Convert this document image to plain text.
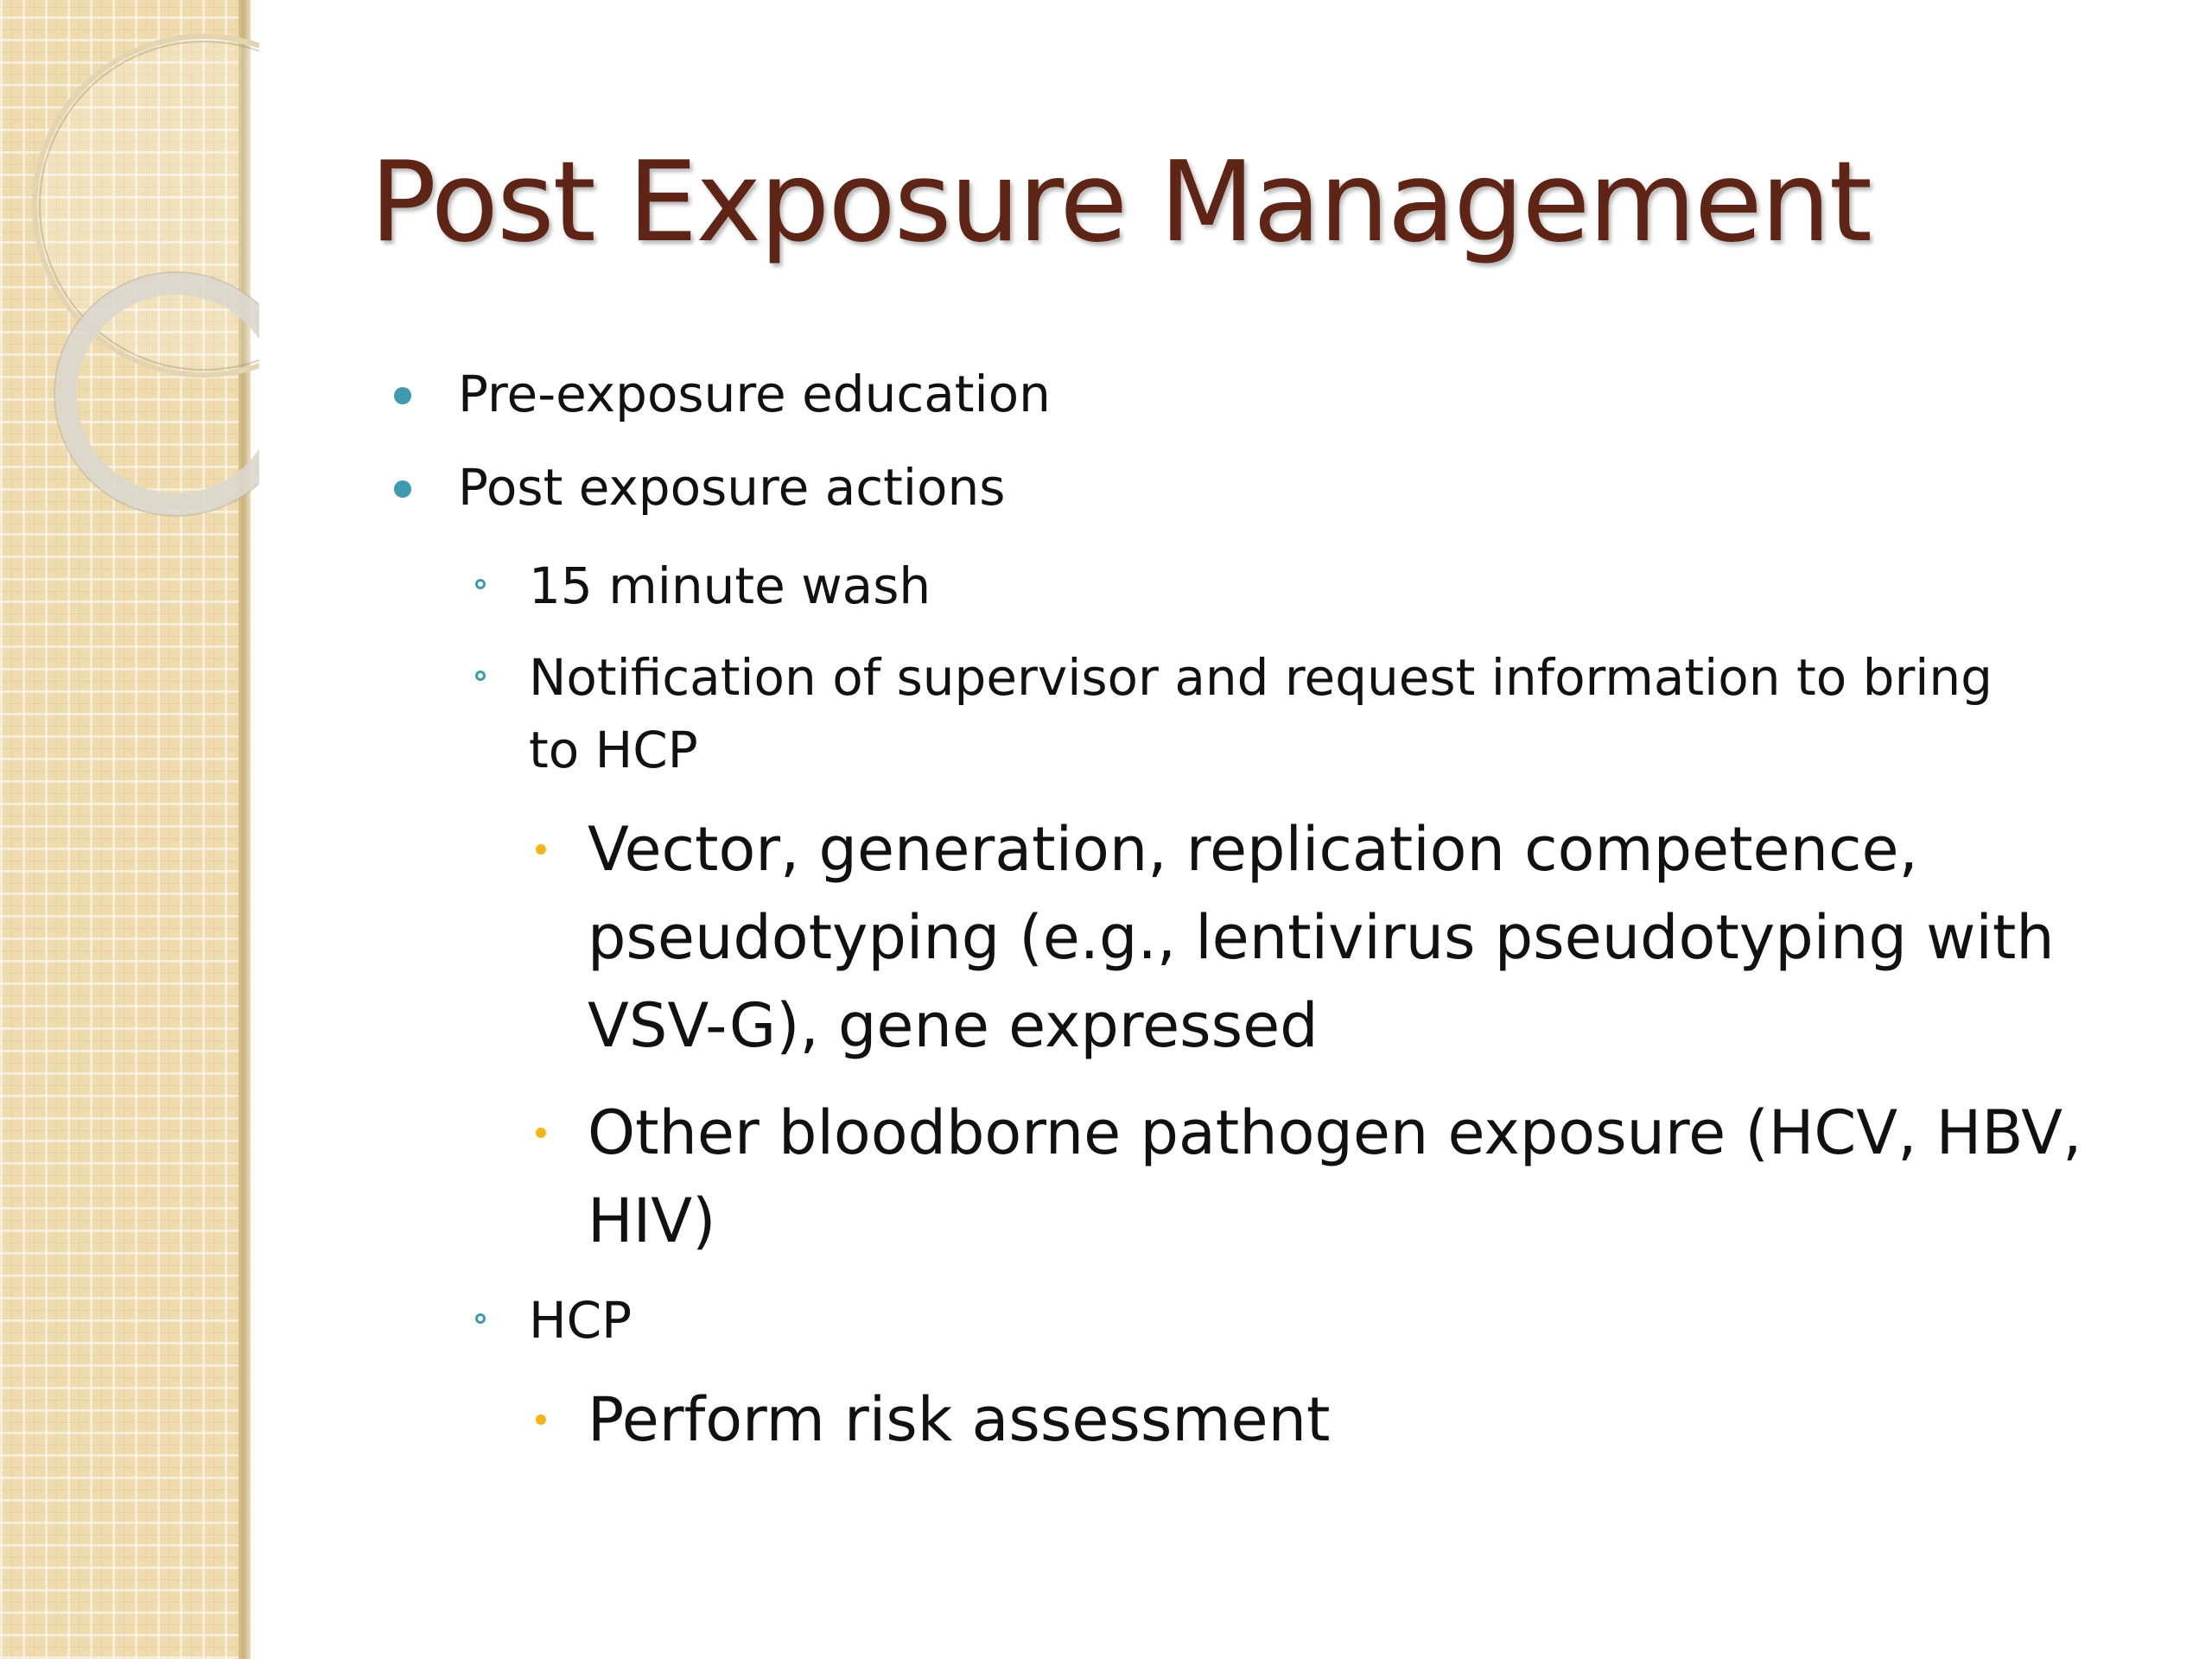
Post Exposure Management
Pre-exposure education
Post exposure actions
15 minute wash
Notification of supervisor and request information to bring to HCP
Vector, generation, replication competence, pseudotyping (e.g., lentivirus pseudotyping with VSV-G), gene expressed
Other bloodborne pathogen exposure (HCV, HBV, HIV)
HCP
Perform risk assessment
